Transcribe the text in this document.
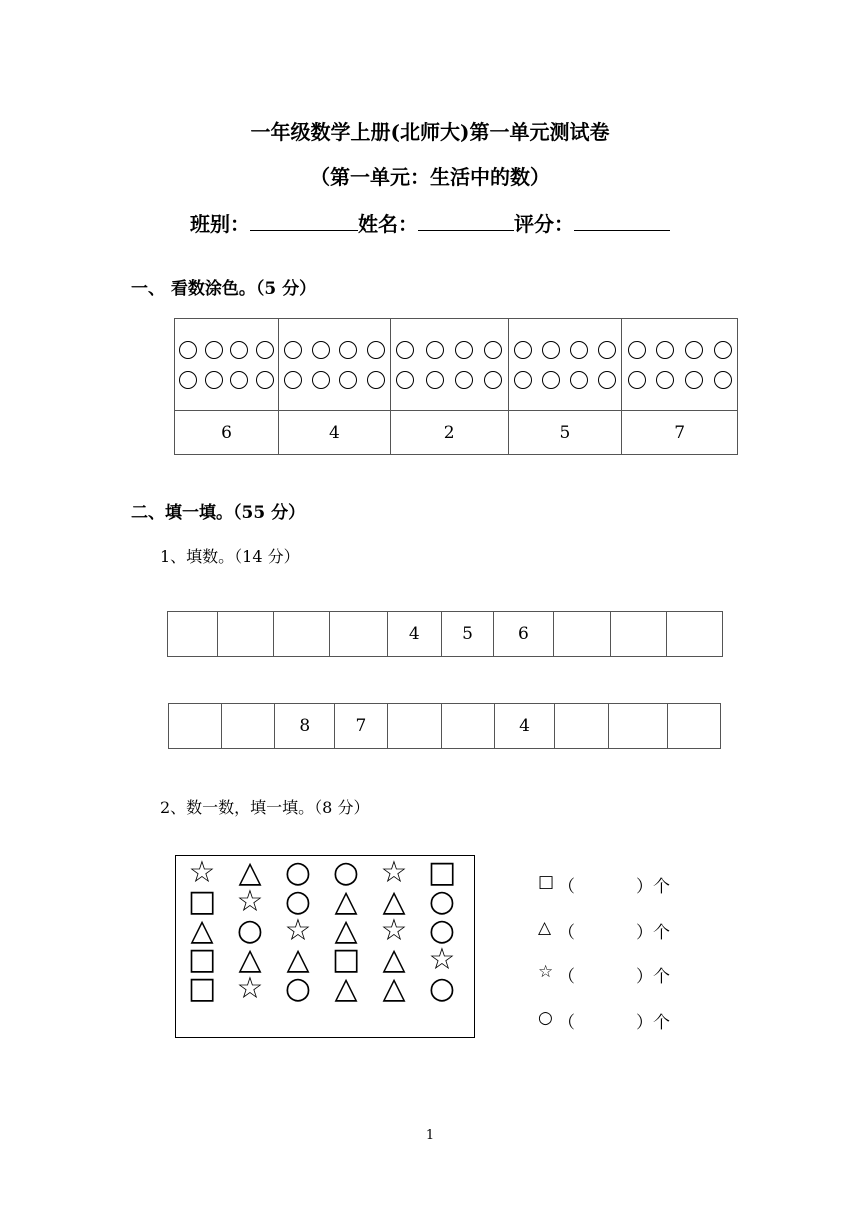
一年级数学上册(北师大)第一单元测试卷
（第一单元：生活中的数）
班别：	姓名：	评分：
一、 看数涂色。（5 分）

6	4	2	5	7
二、填一填。（55 分）
1、填数。（14 分）
				4	5	6			
		8	7			4			
2、数一数，填一填。（8 分）
☆ △ ○ ○ ☆ □
□ ☆ ○ △ △ ○
△ ○ ☆ △ ☆ ○
□ △ △ □ △ ☆
□ ☆ ○ △ △ ○
□ （	）个
△ （	）个
☆ （	）个
○ （	）个
1
